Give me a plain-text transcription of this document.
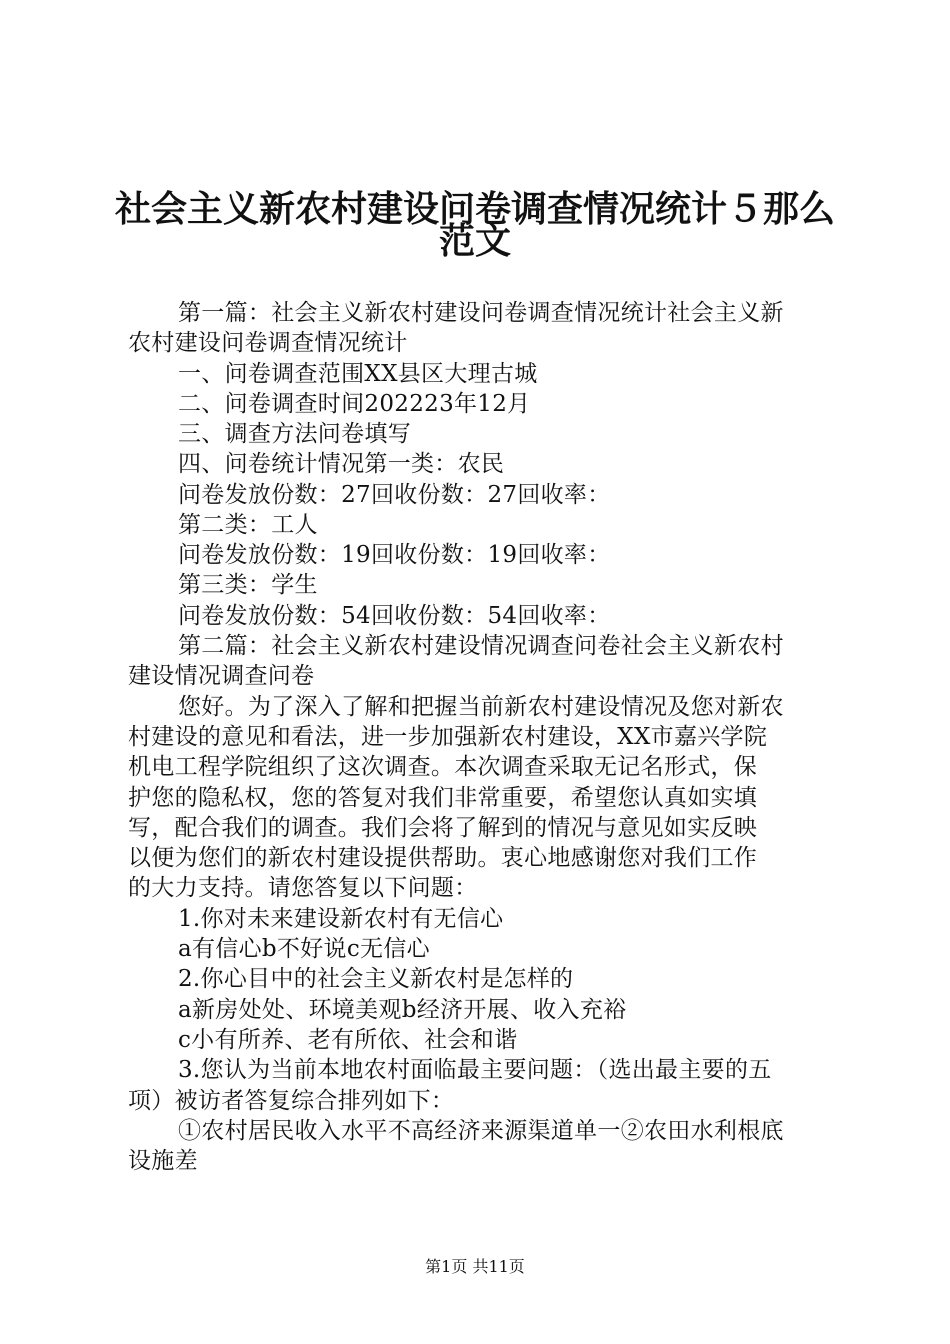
社会主义新农村建设问卷调查情况统计５那么
范文
第一篇：社会主义新农村建设问卷调查情况统计社会主义新
农村建设问卷调查情况统计
一、问卷调查范围XX县区大理古城
二、问卷调查时间202223年12月
三、调查方法问卷填写
四、问卷统计情况第一类：农民
问卷发放份数：27回收份数：27回收率：
第二类：工人
问卷发放份数：19回收份数：19回收率：
第三类：学生
问卷发放份数：54回收份数：54回收率：
第二篇：社会主义新农村建设情况调查问卷社会主义新农村
建设情况调查问卷
您好。为了深入了解和把握当前新农村建设情况及您对新农
村建设的意见和看法，进一步加强新农村建设，XX市嘉兴学院
机电工程学院组织了这次调查。本次调查采取无记名形式，保
护您的隐私权，您的答复对我们非常重要，希望您认真如实填
写，配合我们的调查。我们会将了解到的情况与意见如实反映
以便为您们的新农村建设提供帮助。衷心地感谢您对我们工作
的大力支持。请您答复以下问题：
1.你对未来建设新农村有无信心
a有信心b不好说c无信心
2.你心目中的社会主义新农村是怎样的
a新房处处、环境美观b经济开展、收入充裕
c小有所养、老有所依、社会和谐
3.您认为当前本地农村面临最主要问题：（选出最主要的五
项）被访者答复综合排列如下：
①农村居民收入水平不高经济来源渠道单一②农田水利根底
设施差
第1页 共11页
